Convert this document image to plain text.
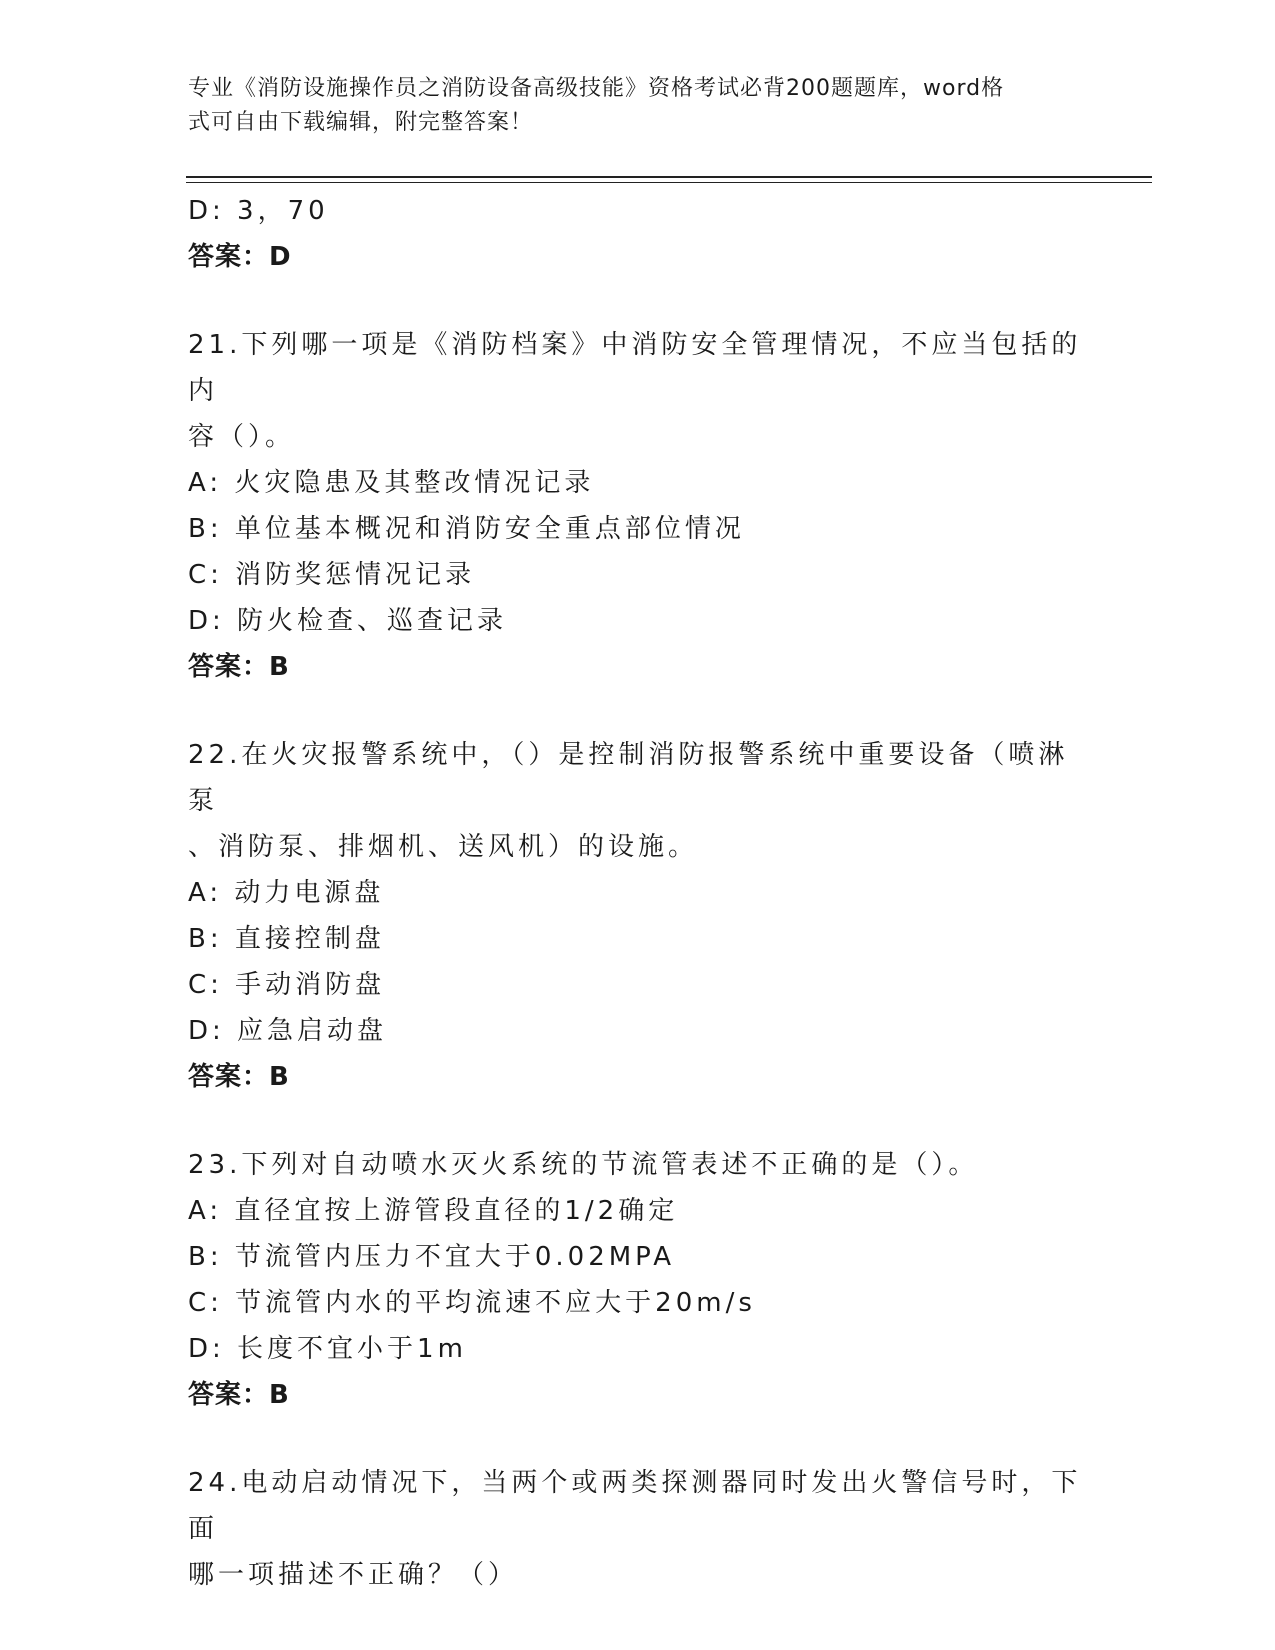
专业《消防设施操作员之消防设备高级技能》资格考试必背200题题库，word格
式可自由下载编辑，附完整答案！
D: 3，70
答案：D
21.下列哪一项是《消防档案》中消防安全管理情况，不应当包括的内
容（）。
A: 火灾隐患及其整改情况记录
B: 单位基本概况和消防安全重点部位情况
C: 消防奖惩情况记录
D: 防火检查、巡查记录
答案：B
22.在火灾报警系统中，（）是控制消防报警系统中重要设备（喷淋泵
、消防泵、排烟机、送风机）的设施。
A: 动力电源盘
B: 直接控制盘
C: 手动消防盘
D: 应急启动盘
答案：B
23.下列对自动喷水灭火系统的节流管表述不正确的是（）。
A: 直径宜按上游管段直径的1/2确定
B: 节流管内压力不宜大于0.02MPA
C: 节流管内水的平均流速不应大于20m/s
D: 长度不宜小于1m
答案：B
24.电动启动情况下，当两个或两类探测器同时发出火警信号时，下面
哪一项描述不正确？（）
